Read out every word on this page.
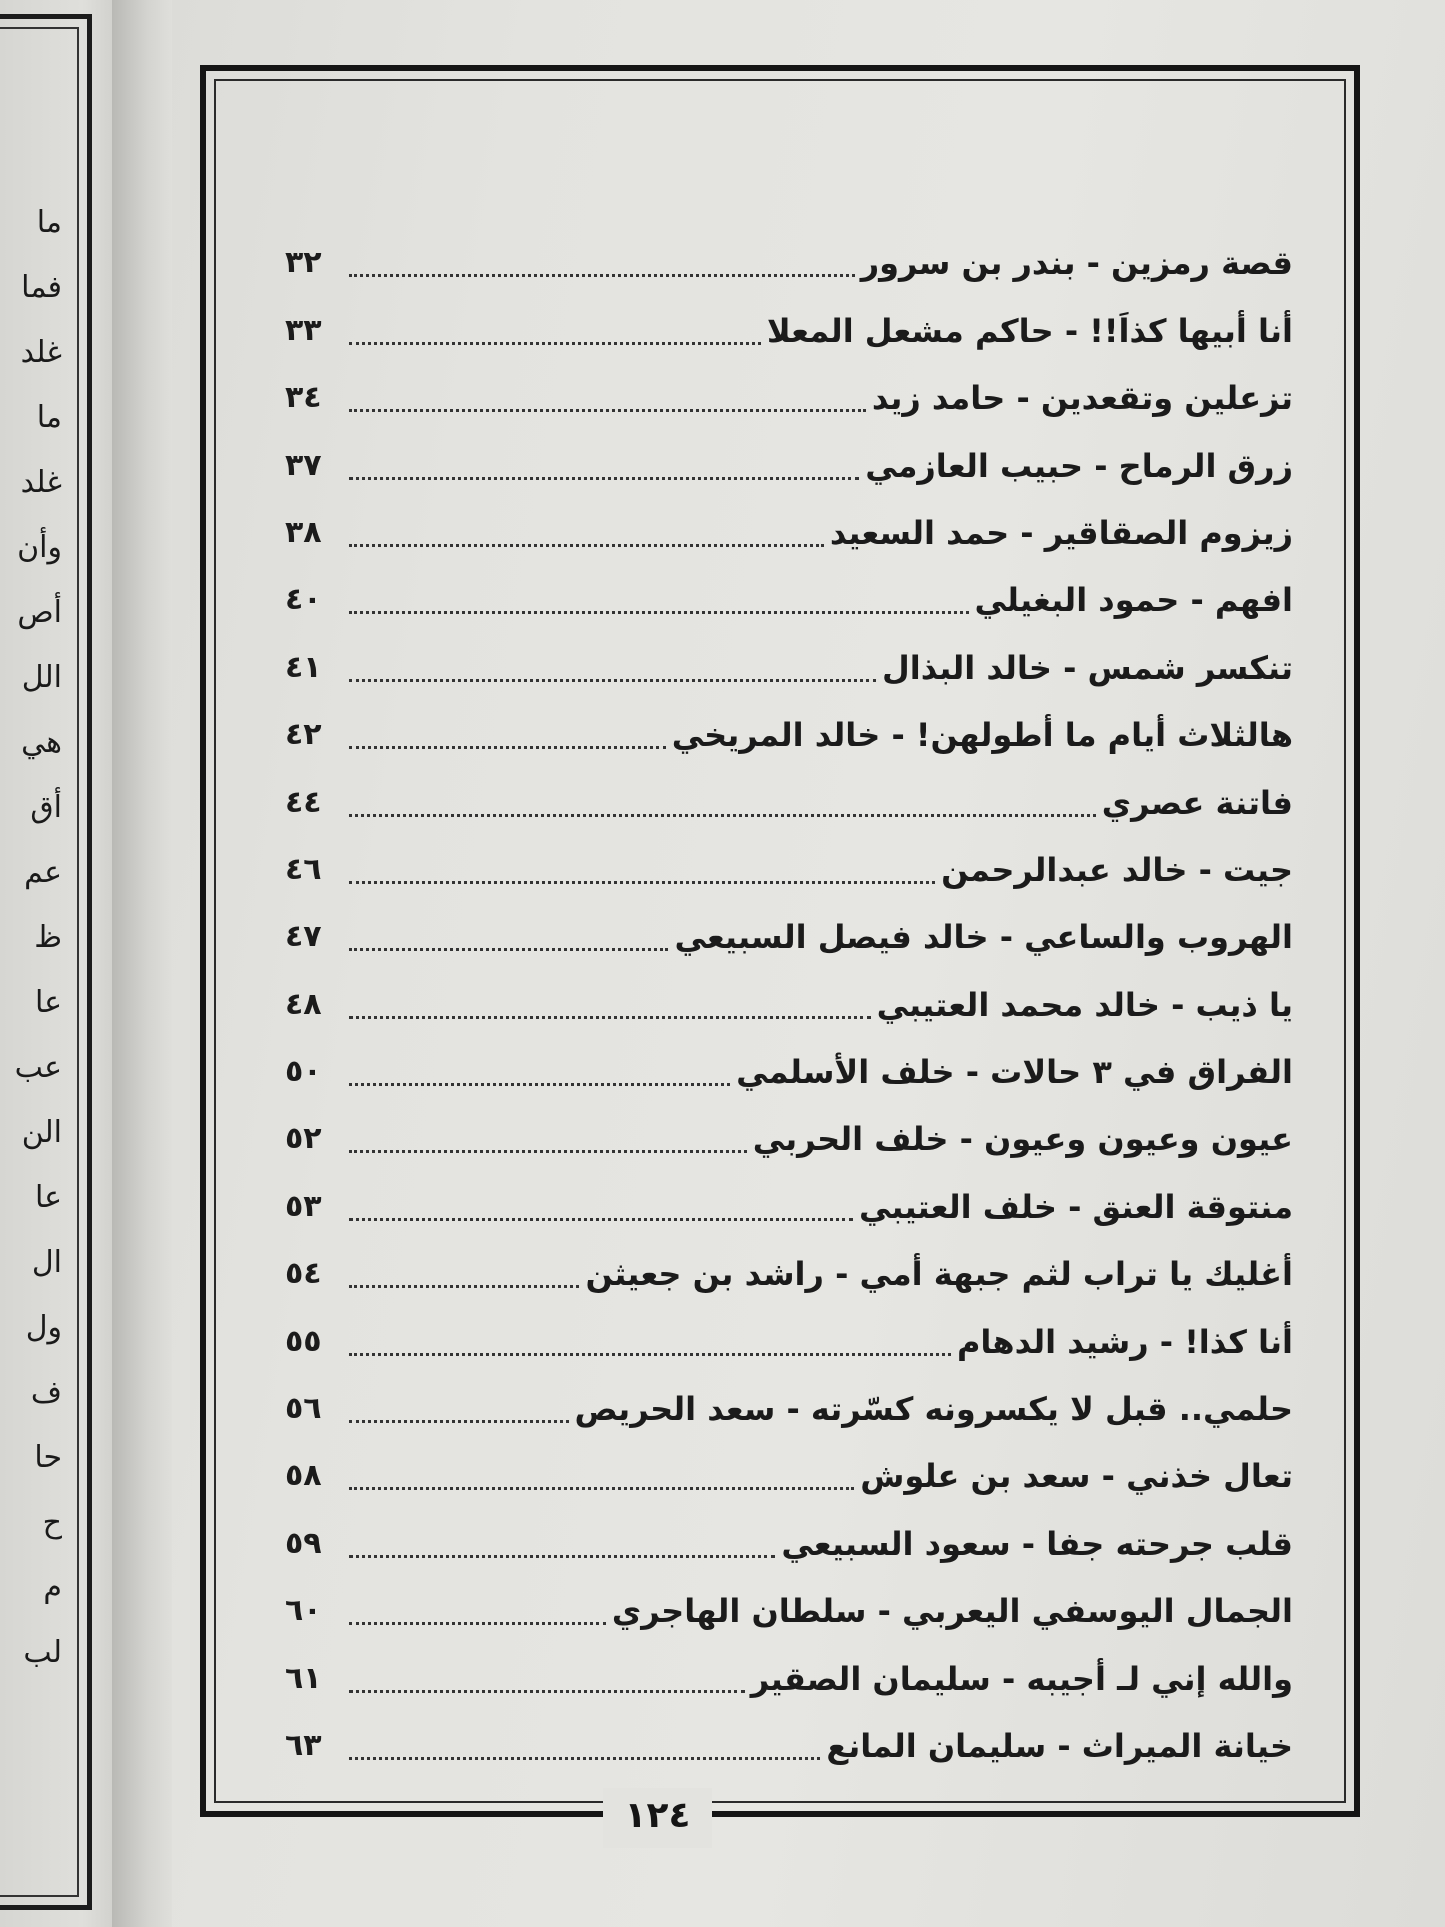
ما
فما
غلد
ما
غلد
وأن
أص
الل
هي
أق
عم
ظ
عا
عب
الن
عا
ال
ول
ف
حا
ح
م
لب
قصة رمزين - بندر بن سرور
٣٢
أنا أبيها كذاَ!! - حاكم مشعل المعلا
٣٣
تزعلين وتقعدين - حامد زيد
٣٤
زرق الرماح - حبيب العازمي
٣٧
زيزوم الصقاقير - حمد السعيد
٣٨
افهم - حمود البغيلي
٤٠
تنكسر شمس - خالد البذال
٤١
هالثلاث أيام ما أطولهن! - خالد المريخي
٤٢
فاتنة عصري
٤٤
جيت - خالد عبدالرحمن
٤٦
الهروب والساعي - خالد فيصل السبيعي
٤٧
يا ذيب - خالد محمد العتيبي
٤٨
الفراق في ٣ حالات - خلف الأسلمي
٥٠
عيون وعيون وعيون - خلف الحربي
٥٢
منتوقة العنق - خلف العتيبي
٥٣
أغليك يا تراب لثم جبهة أمي - راشد بن جعيثن
٥٤
أنا كذا! - رشيد الدهام
٥٥
حلمي.. قبل لا يكسرونه كسّرته - سعد الحريص
٥٦
تعال خذني - سعد بن علوش
٥٨
قلب جرحته جفا - سعود السبيعي
٥٩
الجمال اليوسفي اليعربي - سلطان الهاجري
٦٠
والله إني لـ أجيبه - سليمان الصقير
٦١
خيانة الميراث - سليمان المانع
٦٣
١٢٤
